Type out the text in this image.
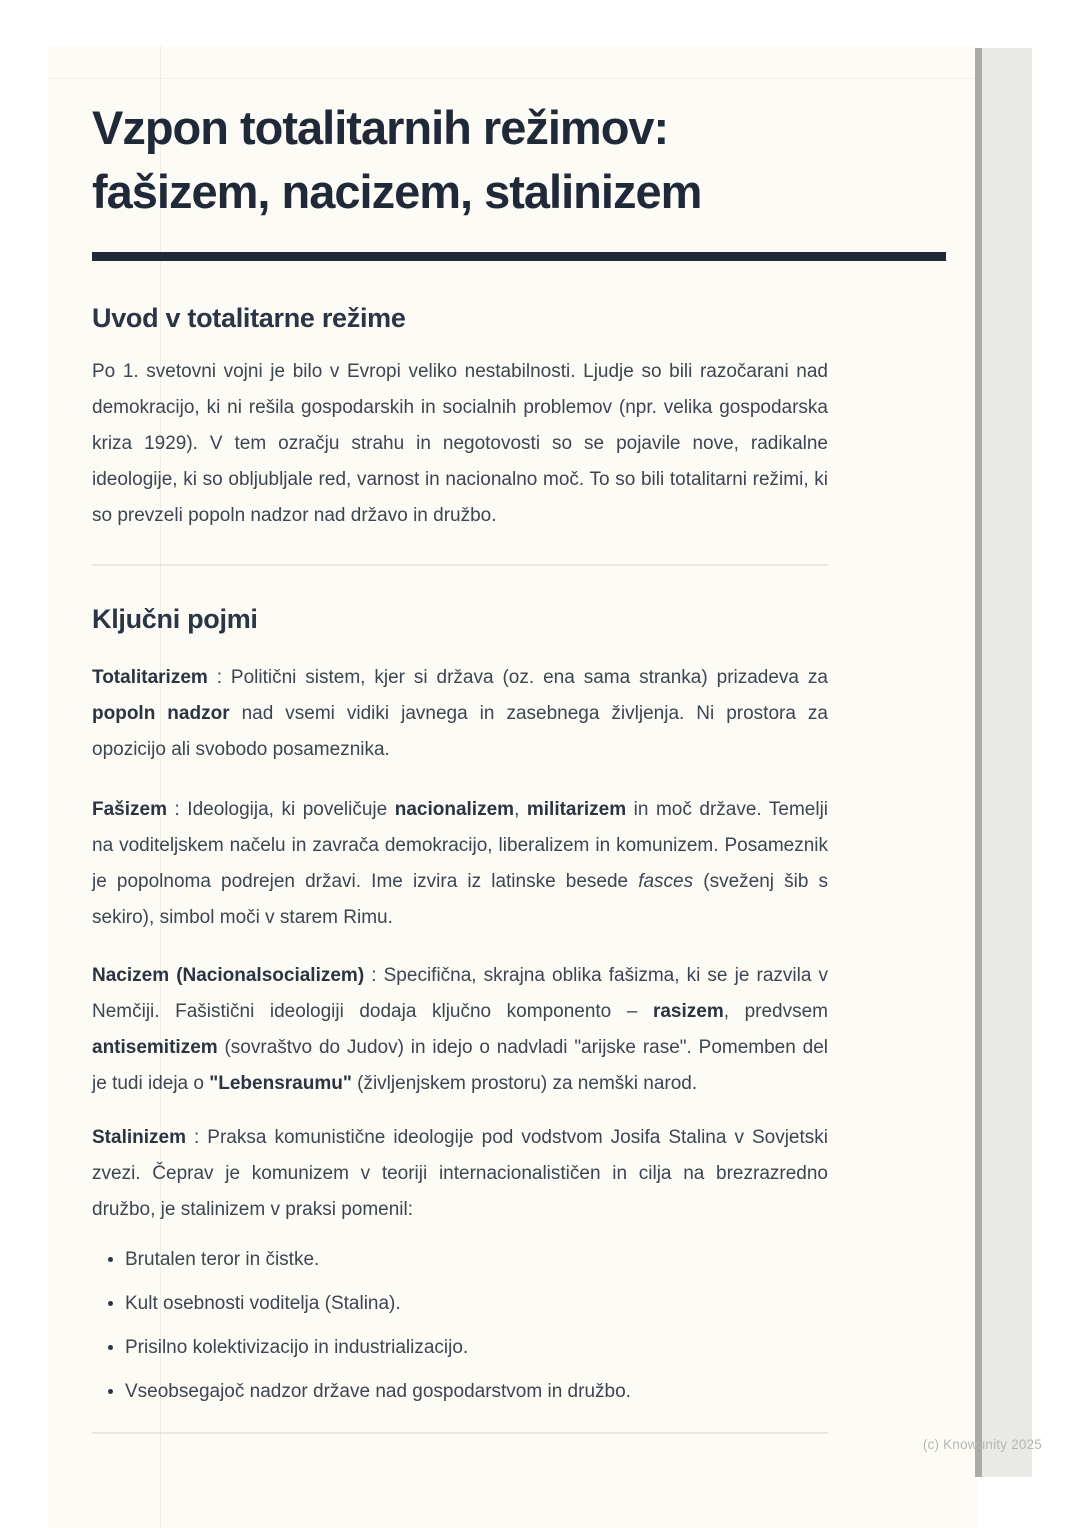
Vzpon totalitarnih režimov:
fašizem, nacizem, stalinizem
Uvod v totalitarne režime

Po 1. svetovni vojni je bilo v Evropi veliko nestabilnosti. Ljudje so bili razočarani nad demokracijo, ki ni rešila gospodarskih in socialnih problemov (npr. velika gospodarska kriza 1929). V tem ozračju strahu in negotovosti so se pojavile nove, radikalne ideologije, ki so obljubljale red, varnost in nacionalno moč. To so bili totalitarni režimi, ki so prevzeli popoln nadzor nad državo in družbo.

Ključni pojmi

Totalitarizem : Politični sistem, kjer si država (oz. ena sama stranka) prizadeva za popoln nadzor nad vsemi vidiki javnega in zasebnega življenja. Ni prostora za opozicijo ali svobodo posameznika.

Fašizem : Ideologija, ki poveličuje nacionalizem, militarizem in moč države. Temelji na voditeljskem načelu in zavrača demokracijo, liberalizem in komunizem. Posameznik je popolnoma podrejen državi. Ime izvira iz latinske besede fasces (sveženj šib s sekiro), simbol moči v starem Rimu.

Nacizem (Nacionalsocializem) : Specifična, skrajna oblika fašizma, ki se je razvila v Nemčiji. Fašistični ideologiji dodaja ključno komponento – rasizem, predvsem antisemitizem (sovraštvo do Judov) in idejo o nadvladi "arijske rase". Pomemben del je tudi ideja o "Lebensraumu" (življenjskem prostoru) za nemški narod.

Stalinizem : Praksa komunistične ideologije pod vodstvom Josifa Stalina v Sovjetski zvezi. Čeprav je komunizem v teoriji internacionalističen in cilja na brezrazredno družbo, je stalinizem v praksi pomenil:

• Brutalen teror in čistke.
• Kult osebnosti voditelja (Stalina).
• Prisilno kolektivizacijo in industrializacijo.
• Vseobsegajoč nadzor države nad gospodarstvom in družbo.
(c) Knowunity 2025
